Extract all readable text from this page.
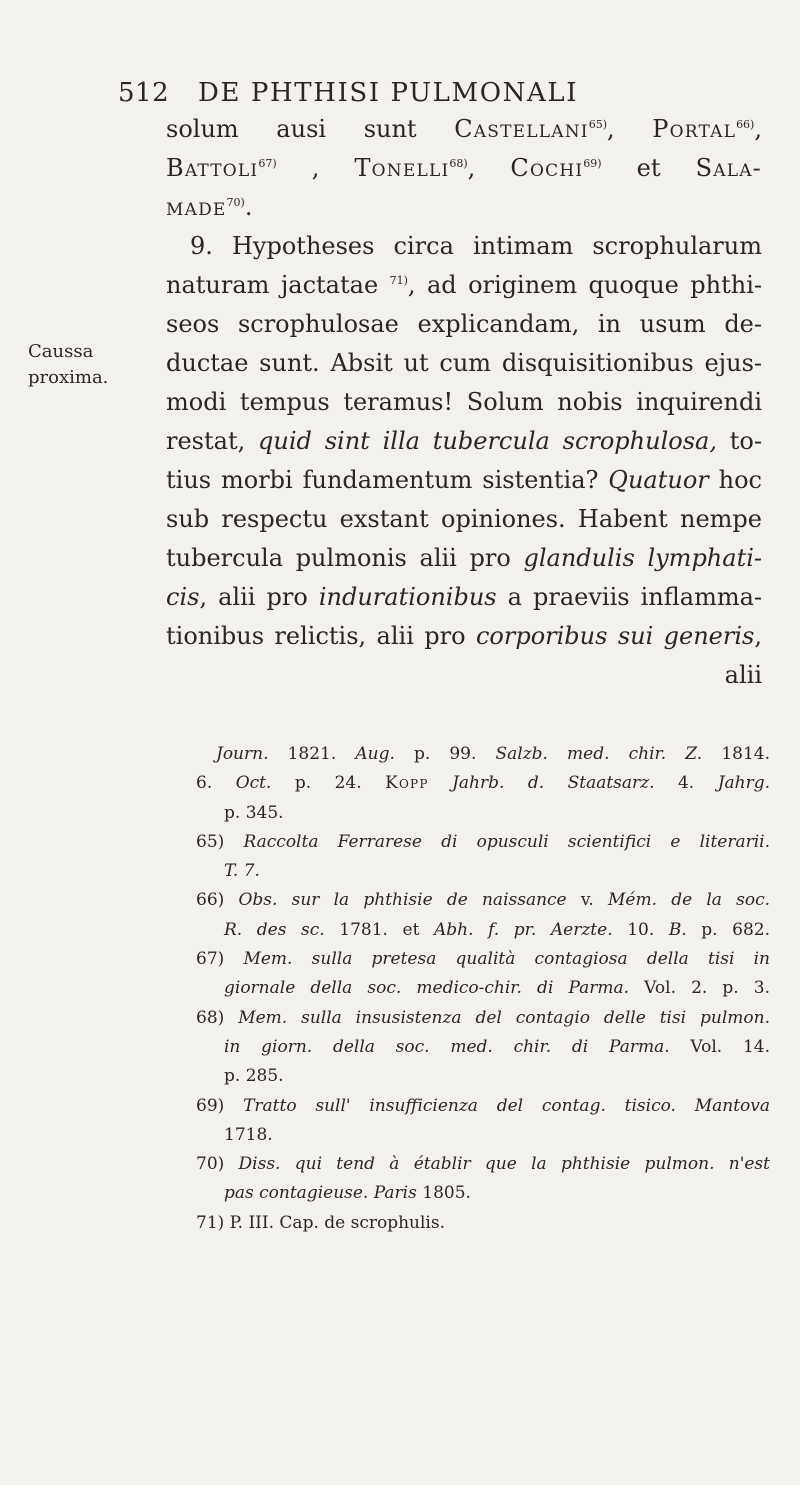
512 DE PHTHISI PULMONALI
Caussa
proxima.
solum ausi sunt Castellani$^{65)}$, Portal$^{66)}$,
Battoli$^{67)}$ , Tonelli$^{68)}$, Cochi$^{69)}$ et Sala-
made$^{70)}$.
9. Hypotheses circa intimam scrophularum
naturam jactatae $^{71)}$, ad originem quoque phthi-
seos scrophulosae explicandam, in usum de-
ductae sunt. Absit ut cum disquisitionibus ejus-
modi tempus teramus! Solum nobis inquirendi
restat, quid sint illa tubercula scrophulosa, to-
tius morbi fundamentum sistentia? Quatuor hoc
sub respectu exstant opiniones. Habent nempe
tubercula pulmonis alii pro glandulis lymphati-
cis, alii pro indurationibus a praeviis inflamma-
tionibus relictis, alii pro corporibus sui generis,
alii
Journ. 1821. Aug. p. 99. Salzb. med. chir. Z. 1814.
6. Oct. p. 24. Kopp Jahrb. d. Staatsarz. 4. Jahrg.
p. 345.
65) Raccolta Ferrarese di opusculi scientifici e literarii.
T. 7.
66) Obs. sur la phthisie de naissance v. Mém. de la soc.
R. des sc. 1781. et Abh. f. pr. Aerzte. 10. B. p. 682.
67) Mem. sulla pretesa qualità contagiosa della tisi in
giornale della soc. medico-chir. di Parma. Vol. 2. p. 3.
68) Mem. sulla insusistenza del contagio delle tisi pulmon.
in giorn. della soc. med. chir. di Parma. Vol. 14.
p. 285.
69) Tratto sull' insufficienza del contag. tisico. Mantova
1718.
70) Diss. qui tend à établir que la phthisie pulmon. n'est
pas contagieuse. Paris 1805.
71) P. III. Cap. de scrophulis.
